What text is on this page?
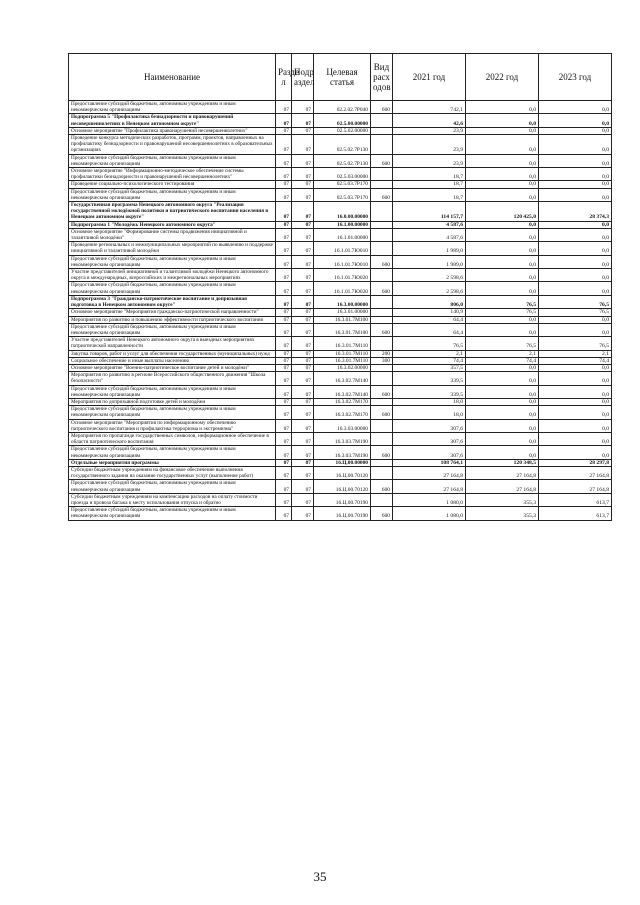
Наименование	Разде л	Подр аздел	Целевая статья	Вид расх одов	2021 год	2022 год	2023 год
Предоставление субсидий бюджетным, автономным учреждениям и иным некоммерческим организациям	07	07	02.2.02.7Р040	600	742,1	0,0	0,0
Подпрограмма 5 "Профилактика безнадзорности и правонарушений несовершеннолетних в Ненецком автономном округе"	07	07	02.5.00.00000		42,6	0,0	0,0
Основное мероприятие "Профилактика правонарушений несовершеннолетних"	07	07	02.5.02.00000		23,9	0,0	0,0
Проведение конкурса методических разработок, программ, проектов, направленных на профилактику безнадзорности и правонарушений несовершеннолетних в образовательных организациях	07	07	02.5.02.7Р130		23,9	0,0	0,0
Предоставление субсидий бюджетным, автономным учреждениям и иным некоммерческим организациям	07	07	02.5.02.7Р130	600	23,9	0,0	0,0
Основное мероприятие "Информационно-методическое обеспечение системы профилактики безнадзорности и правонарушений несовершеннолетних"	07	07	02.5.03.00000		18,7	0,0	0,0
Проведение социально-психологического тестирования	07	07	02.5.03.7Р170		18,7	0,0	0,0
Предоставление субсидий бюджетным, автономным учреждениям и иным некоммерческим организациям	07	07	02.5.03.7Р170	600	18,7	0,0	0,0
Государственная программа Ненецкого автономного округа "Реализация государственной молодёжной политики и патриотического воспитания населения в Ненецком автономном округе"	07	07	16.0.00.00000		114 157,7	120 425,0	28 374,3
Подпрограмма 1 "Молодёжь Ненецкого автономного округа"	07	07	16.1.00.00000		4 587,6	0,0	0,0
Основное мероприятие "Формирование системы продвижения инициативной и талантливой молодёжи"	07	07	16.1.01.00000		4 587,6	0,0	0,0
Проведение региональных и межмуниципальных мероприятий по выявлению и поддержке инициативной и талантливой молодёжи	07	07	16.1.01.7Ю010		1 989,0	0,0	0,0
Предоставление субсидий бюджетным, автономным учреждениям и иным некоммерческим организациям	07	07	16.1.01.7Ю010	600	1 989,0	0,0	0,0
Участие представителей инициативной и талантливой молодёжи Ненецкого автономного округа в международных, всероссийских и межрегиональных мероприятиях	07	07	16.1.01.7Ю020		2 598,6	0,0	0,0
Предоставление субсидий бюджетным, автономным учреждениям и иным некоммерческим организациям	07	07	16.1.01.7Ю020	600	2 598,6	0,0	0,0
Подпрограмма 3 "Гражданско-патриотическое воспитание и допризывная подготовка в Ненецком автономном округе"	07	07	16.3.00.00000		806,0	76,5	76,5
Основное мероприятие "Мероприятия гражданско-патриотической направленности"	07	07	16.3.01.00000		140,9	76,5	76,5
Мероприятия по развитию и повышению эффективности патриотического воспитания	07	07	16.3.01.7М100		64,4	0,0	0,0
Предоставление субсидий бюджетным, автономным учреждениям и иным некоммерческим организациям	07	07	16.3.01.7М100	600	64,4	0,0	0,0
Участие представителей Ненецкого автономного округа в выездных мероприятиях патриотической направленности	07	07	16.3.01.7М110		76,5	76,5	76,5
Закупка товаров, работ и услуг для обеспечения государственных (муниципальных) нужд	07	07	16.3.01.7М110	200	2,1	2,1	2,1
Социальное обеспечение и иные выплаты населению	07	07	16.3.01.7М110	300	74,4	74,4	74,4
Основное мероприятие "Военно-патриотическое воспитание детей и молодёжи"	07	07	16.3.02.00000		357,5	0,0	0,0
Мероприятия по развитию в регионе Всероссийского общественного движения "Школа безопасности"	07	07	16.3.02.7М140		339,5	0,0	0,0
Предоставление субсидий бюджетным, автономным учреждениям и иным некоммерческим организациям	07	07	16.3.02.7М140	600	339,5	0,0	0,0
Мероприятия по допризывной подготовке детей и молодёжи	07	07	16.3.02.7М170		18,0	0,0	0,0
Предоставление субсидий бюджетным, автономным учреждениям и иным некоммерческим организациям	07	07	16.3.02.7М170	600	18,0	0,0	0,0
Основное мероприятие "Мероприятия по информационному обеспечению патриотического воспитания и профилактика терроризма и экстремизма"	07	07	16.3.03.00000		307,6	0,0	0,0
Мероприятия по пропаганде государственных символов, информационное обеспечение в области патриотического воспитания	07	07	16.3.03.7М190		307,6	0,0	0,0
Предоставление субсидий бюджетным, автономным учреждениям и иным некоммерческим организациям	07	07	16.3.03.7М190	600	307,6	0,0	0,0
Отдельные мероприятия программы	07	07	16.Ц.00.00000		108 764,1	120 348,5	28 297,8
Субсидии бюджетным учреждениям на финансовое обеспечение выполнения государственного задания на оказание государственных услуг (выполнение работ)	07	07	16.Ц.00.70120		27 164,8	27 164,8	27 164,8
Предоставление субсидий бюджетным, автономным учреждениям и иным некоммерческим организациям	07	07	16.Ц.00.70120	600	27 164,8	27 164,8	27 164,8
Субсидии бюджетным учреждениям на компенсацию расходов на оплату стоимости проезда и провоза багажа к месту использования отпуска и обратно	07	07	16.Ц.00.70190		1 080,0	355,3	613,7
Предоставление субсидий бюджетным, автономным учреждениям и иным некоммерческим организациям	07	07	16.Ц.00.70190	600	1 080,0	355,3	613,7
35
